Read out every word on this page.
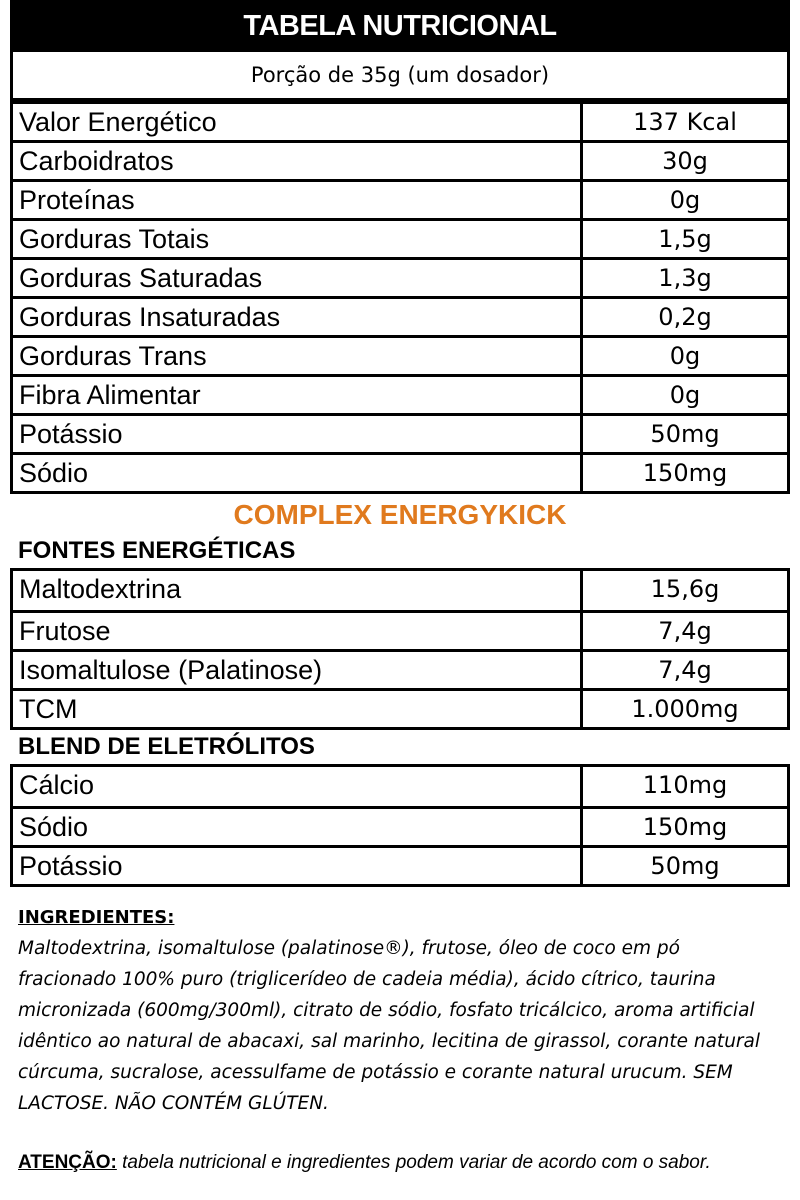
TABELA NUTRICIONAL
Porção de 35g (um dosador)
Valor Energético	137 Kcal
Carboidratos	30g
Proteínas	0g
Gorduras Totais	1,5g
Gorduras Saturadas	1,3g
Gorduras Insaturadas	0,2g
Gorduras Trans	0g
Fibra Alimentar	0g
Potássio	50mg
Sódio	150mg
COMPLEX ENERGYKICK
FONTES ENERGÉTICAS
Maltodextrina	15,6g
Frutose	7,4g
Isomaltulose (Palatinose)	7,4g
TCM	1.000mg
BLEND DE ELETRÓLITOS
Cálcio	110mg
Sódio	150mg
Potássio	50mg
INGREDIENTES:

Maltodextrina, isomaltulose (palatinose®), frutose, óleo de coco em pó fracionado 100% puro (triglicerídeo de cadeia média), ácido cítrico, taurina micronizada (600mg/300ml), citrato de sódio, fosfato tricálcico, aroma artificial idêntico ao natural de abacaxi, sal marinho, lecitina de girassol, corante natural cúrcuma, sucralose, acessulfame de potássio e corante natural urucum. SEM LACTOSE. NÃO CONTÉM GLÚTEN.

ATENÇÃO: tabela nutricional e ingredientes podem variar de acordo com o sabor.
